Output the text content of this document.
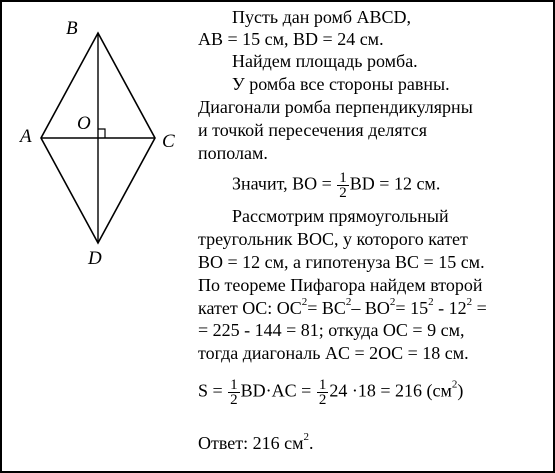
B
A
O
C
D
Пусть дан ромб ABCD,
AB = 15 см, BD = 24 см.
Найдем площадь ромба.
У ромба все стороны равны.
Диагонали ромба перпендикулярны
и точкой пересечения делятся
пополам.
Значит, BO = $\frac{1}{2}$ BD = 12 см.
Рассмотрим прямоугольный
треугольник BOC, у которого катет
BO = 12 см, а гипотенуза BC = 15 см.
По теореме Пифагора найдем второй
катет OC: $OC^2= BC^2-$ $BO^2= 15^2 - 12^2$ =
= 225 - 144 = 81; откуда OC = 9 см,
тогда диагональ AC = 2OC = 18 см.
$S = \frac{1}{2} BD\cdot AC = \frac{1}{2} 24 \cdot 18 = 216$ $(см^2)$
Ответ: 216 $см^2$.
